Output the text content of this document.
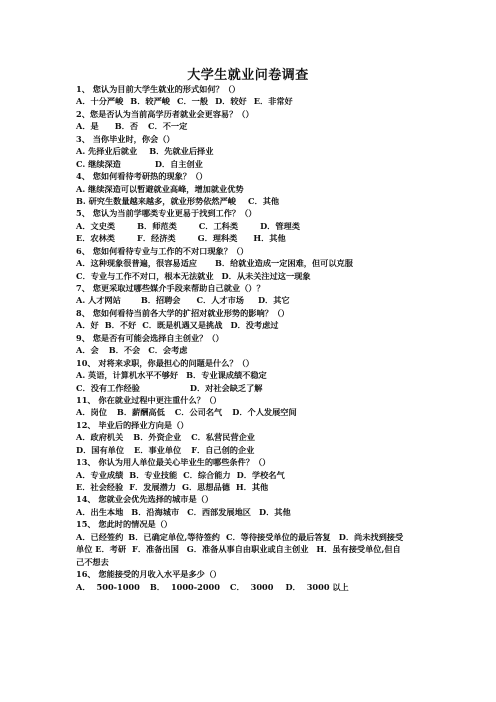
大学生就业问卷调查
1、 您认为目前大学生就业的形式如何？（）
A．十分严峻 B．较严峻 C．一般 D．较好 E．非常好
2、您是否认为当前高学历者就业会更容易？（）
A．是 B．否 C．不一定
3、 当你毕业时，你会（）
A. 先择业后就业 B．先就业后择业
C. 继续深造	D．自主创业
4、 您如何看待考研热的现象？（）
A. 继续深造可以暂避就业高峰，增加就业优势
B. 研究生数量越来越多，就业形势依然严峻 C．其他
5、 您认为当前学哪类专业更易于找到工作？（）
A．文史类	B．师范类	C．工科类	D．管理类
E．农林类	F．经济类	G．理科类 H．其他
6、 您如何看待专业与工作的不对口现象？（）
A．这种现象很普遍，很容易适应 B．给就业造成一定困难，但可以克服
C．专业与工作不对口，根本无法就业 D．从未关注过这一现象
7、 您更采取过哪些媒介手段来帮助自己就业（）？
A. 人才网站 B．招聘会 C．人才市场 D．其它
8、 您如何看待当前各大学的扩招对就业形势的影响？（）
A．好 B．不好 C．既是机遇又是挑战 D．没考虑过
9、 您是否有可能会选择自主创业？（）
A．会 B．不会 C．会考虑
10、 对将来求职，你最担心的问题是什么？（）
A. 英语，计算机水平不够好 B．专业课成绩不稳定
C．没有工作经验	D．对社会缺乏了解
11、 你在就业过程中更注重什么？（）
A．岗位 B．薪酬高低 C．公司名气 D．个人发展空间
12、 毕业后的择业方向是（）
A．政府机关 B．外资企业 C．私营民营企业
D．国有单位 E．事业单位 F．自己创的企业
13、 你认为用人单位最关心毕业生的哪些条件？（）
A．专业成绩 B．专业技能 C．综合能力 D．学校名气
E．社会经验 F．发展潜力 G．思想品德 H．其他
14、 您就业会优先选择的城市是（）
A．出生本地 B．沿海城市 C．西部发展地区 D．其他
15、 您此时的情况是（）
A．已经签约 B．已确定单位,等待签约 C．等待接受单位的最后答复 D．尚未找到接受
单位 E．考研 F．准备出国 G．准备从事自由职业或自主创业 H．虽有接受单位,但自
己不想去
16、 您能接受的月收入水平是多少（）
A． 500-1000 B． 1000-2000 C． 3000 D． 3000 以上
